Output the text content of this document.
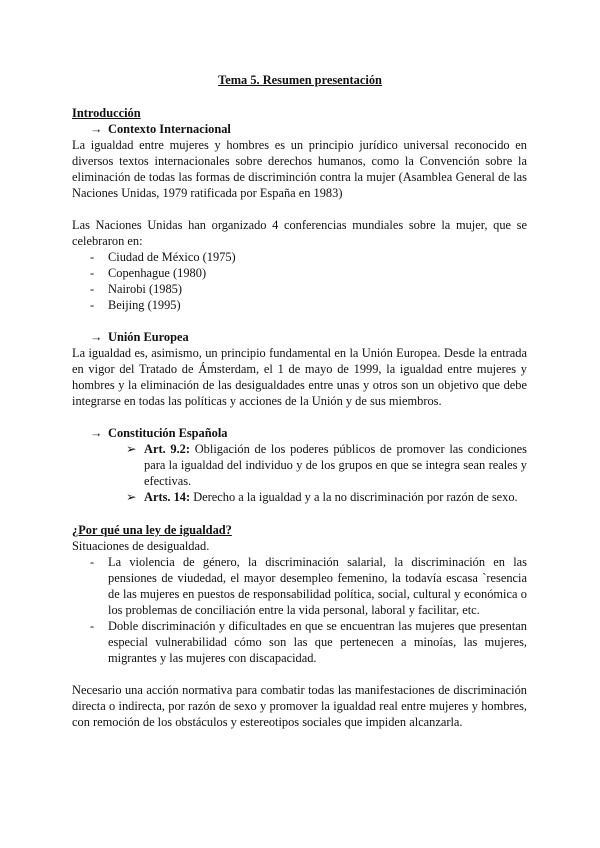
Tema 5. Resumen presentación
Introducción
→ Contexto Internacional
La igualdad entre mujeres y hombres es un principio jurídico universal reconocido en diversos textos internacionales sobre derechos humanos, como la Convención sobre la eliminación de todas las formas de discriminción contra la mujer (Asamblea General de las Naciones Unidas, 1979 ratificada por España en 1983)
Las Naciones Unidas han organizado 4 conferencias mundiales sobre la mujer, que se celebraron en:
- Ciudad de México (1975)
- Copenhague (1980)
- Nairobi (1985)
- Beijing (1995)
→ Unión Europea
La igualdad es, asimismo, un principio fundamental en la Unión Europea. Desde la entrada en vigor del Tratado de Ámsterdam, el 1 de mayo de 1999, la igualdad entre mujeres y hombres y la eliminación de las desigualdades entre unas y otros son un objetivo que debe integrarse en todas las políticas y acciones de la Unión y de sus miembros.
→ Constitución Española
➢ Art. 9.2: Obligación de los poderes públicos de promover las condiciones para la igualdad del individuo y de los grupos en que se integra sean reales y efectivas.
➢ Arts. 14: Derecho a la igualdad y a la no discriminación por razón de sexo.
¿Por qué una ley de igualdad?
Situaciones de desigualdad.
- La violencia de género, la discriminación salarial, la discriminación en las pensiones de viudedad, el mayor desempleo femenino, la todavía escasa `resencia de las mujeres en puestos de responsabilidad política, social, cultural y económica o los problemas de conciliación entre la vida personal, laboral y facilitar, etc.
- Doble discriminación y dificultades en que se encuentran las mujeres que presentan especial vulnerabilidad cómo son las que pertenecen a minoías, las mujeres, migrantes y las mujeres con discapacidad.
Necesario una acción normativa para combatir todas las manifestaciones de discriminación directa o indirecta, por razón de sexo y promover la igualdad real entre mujeres y hombres, con remoción de los obstáculos y estereotipos sociales que impiden alcanzarla.
